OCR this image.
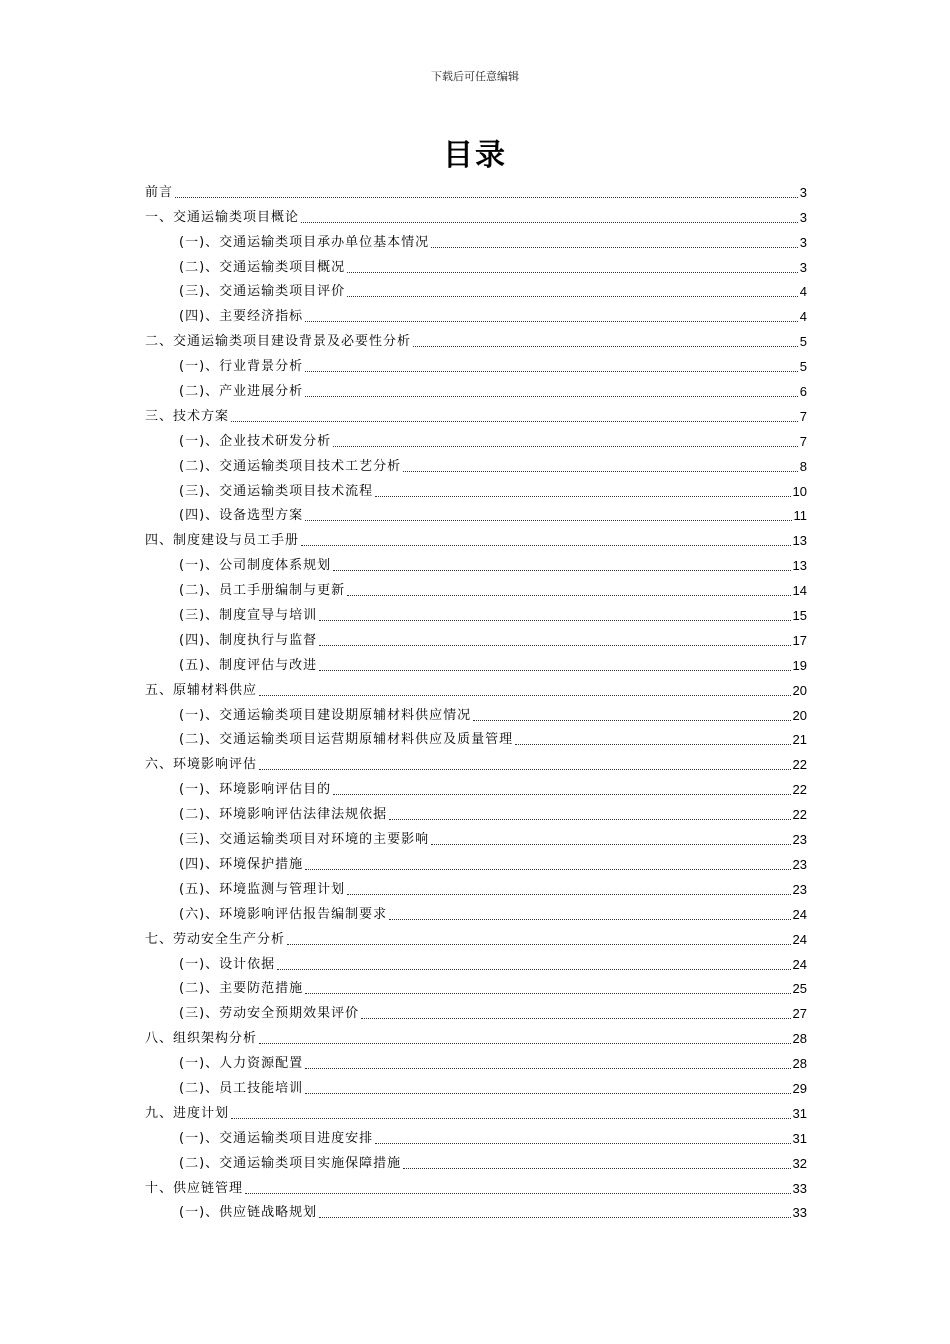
下载后可任意编辑
目录
前言	3
一、交通运输类项目概论	3
(一)、交通运输类项目承办单位基本情况	3
(二)、交通运输类项目概况	3
(三)、交通运输类项目评价	4
(四)、主要经济指标	4
二、交通运输类项目建设背景及必要性分析	5
(一)、行业背景分析	5
(二)、产业进展分析	6
三、技术方案	7
(一)、企业技术研发分析	7
(二)、交通运输类项目技术工艺分析	8
(三)、交通运输类项目技术流程	10
(四)、设备选型方案	11
四、制度建设与员工手册	13
(一)、公司制度体系规划	13
(二)、员工手册编制与更新	14
(三)、制度宣导与培训	15
(四)、制度执行与监督	17
(五)、制度评估与改进	19
五、原辅材料供应	20
(一)、交通运输类项目建设期原辅材料供应情况	20
(二)、交通运输类项目运营期原辅材料供应及质量管理	21
六、环境影响评估	22
(一)、环境影响评估目的	22
(二)、环境影响评估法律法规依据	22
(三)、交通运输类项目对环境的主要影响	23
(四)、环境保护措施	23
(五)、环境监测与管理计划	23
(六)、环境影响评估报告编制要求	24
七、劳动安全生产分析	24
(一)、设计依据	24
(二)、主要防范措施	25
(三)、劳动安全预期效果评价	27
八、组织架构分析	28
(一)、人力资源配置	28
(二)、员工技能培训	29
九、进度计划	31
(一)、交通运输类项目进度安排	31
(二)、交通运输类项目实施保障措施	32
十、供应链管理	33
(一)、供应链战略规划	33
